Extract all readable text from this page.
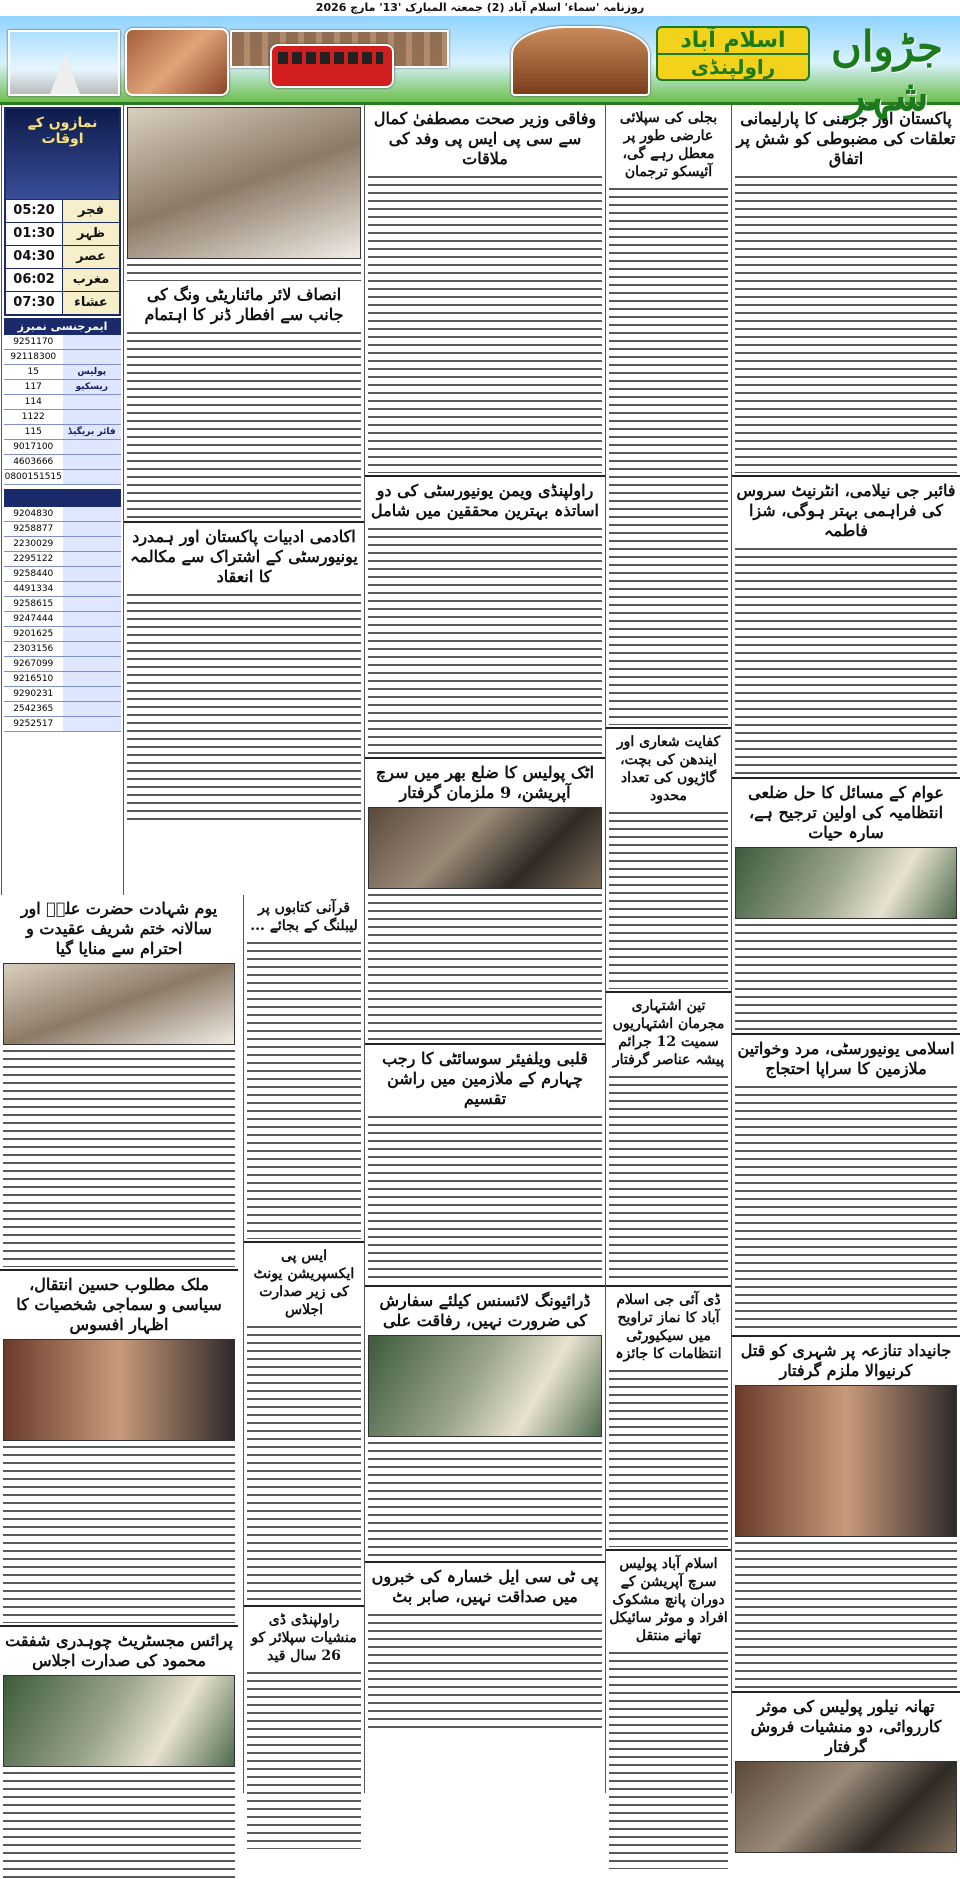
روزنامہ 'سماء' اسلام آباد (2) جمعتہ المبارک '13' مارچ 2026
اسلام آباد
راولپنڈی	جڑواں شہر
پاکستان اور جرمنی کا پارلیمانی تعلقات کی مضبوطی کو شش پر اتفاق
فائبر جی نیلامی، انٹرنیٹ سروس کی فراہمی بہتر ہوگی، شزا فاطمہ
عوام کے مسائل کا حل ضلعی انتظامیہ کی اولین ترجیح ہے، سارہ حیات
اسلامی یونیورسٹی، مرد وخواتین ملازمین کا سراپا احتجاج
جانیداد تنازعہ پر شہری کو قتل کرنیوالا ملزم گرفتار
تھانہ نیلور پولیس کی موثر کارروائی، دو منشیات فروش گرفتار
بجلی کی سپلائی عارضی طور پر معطل رہے گی، آئیسکو ترجمان
کفایت شعاری اور ایندھن کی بچت، گاڑیوں کی تعداد محدود
تین اشتہاری مجرمان اشتہاریوں سمیت 12 جرائم پیشہ عناصر گرفتار
ڈی آئی جی اسلام آباد کا نماز تراویح میں سیکیورٹی انتظامات کا جائزہ
اسلام آباد پولیس سرچ آپریشن کے دوران پانچ مشکوک افراد و موٹر سائیکل تھانے منتقل
وفاقی وزیر صحت مصطفیٰ کمال سے سی پی ایس پی وفد کی ملاقات
راولپنڈی ویمن یونیورسٹی کی دو اساتذہ بہترین محققین میں شامل
اٹک پولیس کا ضلع بھر میں سرچ آپریشن، 9 ملزمان گرفتار
قلبی ویلفیئر سوسائٹی کا رجب چہارم کے ملازمین میں راشن تقسیم
ڈرائیونگ لائسنس کیلئے سفارش کی ضرورت نہیں، رفاقت علی
پی ٹی سی ایل خسارہ کی خبروں میں صداقت نہیں، صابر بٹ
انصاف لائر مائناریٹی ونگ کی جانب سے افطار ڈنر کا اہتمام
اکادمی ادبیات پاکستان اور ہمدرد یونیورسٹی کے اشتراک سے مکالمہ کا انعقاد
قرآنی کتابوں پر لیبلنگ کے بجائے ...
ایس پی ایکسپریشن یونٹ کی زیر صدارت اجلاس
راولپنڈی ڈی منشیات سپلائر کو 26 سال قید
نمازوں کے اوقات
فجر
05:20
ظہر
01:30
عصر
04:30
مغرب
06:02
عشاء
07:30
ایمرجنسی نمبرز
9251170
92118300
پولیس
15
ریسکیو
117
114
1122
فائر بریگیڈ
115
9017100
4603666
0800151515
9204830
9258877
2230029
2295122
9258440
4491334
9258615
9247444
9201625
2303156
9267099
9216510
9290231
2542365
9252517
یوم شہادت حضرت علیؓ اور سالانہ ختم شریف عقیدت و احترام سے منایا گیا
ملک مطلوب حسین انتقال، سیاسی و سماجی شخصیات کا اظہار افسوس
پرائس مجسٹریٹ چوہدری شفقت محمود کی صدارت اجلاس
